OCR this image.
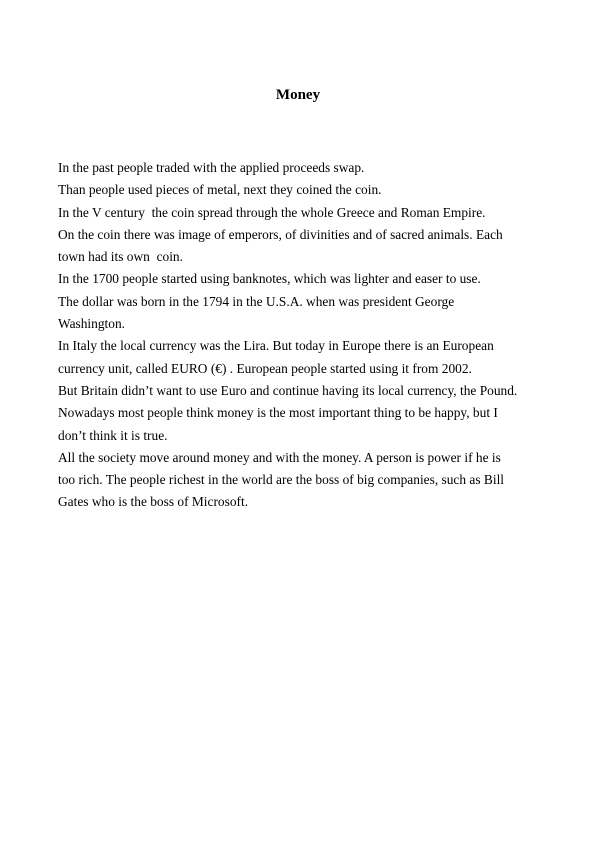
Money
In the past people traded with the applied proceeds swap.
Than people used pieces of metal, next they coined the coin.
In the V century  the coin spread through the whole Greece and Roman Empire.
On the coin there was image of emperors, of divinities and of sacred animals. Each
town had its own  coin.
In the 1700 people started using banknotes, which was lighter and easer to use.
The dollar was born in the 1794 in the U.S.A. when was president George
Washington.
In Italy the local currency was the Lira. But today in Europe there is an European
currency unit, called EURO (€) . European people started using it from 2002.
But Britain didn’t want to use Euro and continue having its local currency, the Pound.
Nowadays most people think money is the most important thing to be happy, but I
don’t think it is true.
All the society move around money and with the money. A person is power if he is
too rich. The people richest in the world are the boss of big companies, such as Bill
Gates who is the boss of Microsoft.
